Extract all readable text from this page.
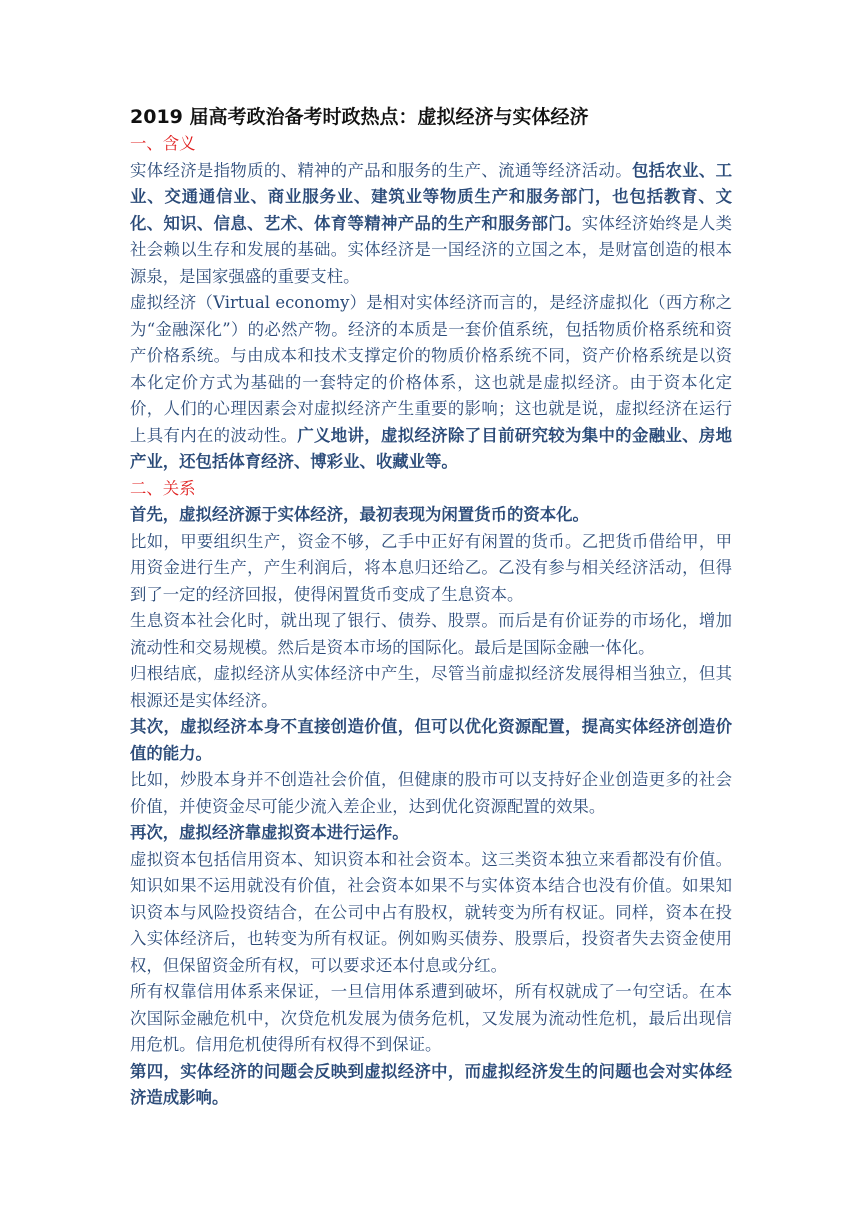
2019 届高考政治备考时政热点：虚拟经济与实体经济

一、含义

实体经济是指物质的、精神的产品和服务的生产、流通等经济活动。包括农业、工业、交通通信业、商业服务业、建筑业等物质生产和服务部门，也包括教育、文化、知识、信息、艺术、体育等精神产品的生产和服务部门。实体经济始终是人类社会赖以生存和发展的基础。实体经济是一国经济的立国之本，是财富创造的根本源泉，是国家强盛的重要支柱。

虚拟经济（Virtual economy）是相对实体经济而言的，是经济虚拟化（西方称之为“金融深化”）的必然产物。经济的本质是一套价值系统，包括物质价格系统和资产价格系统。与由成本和技术支撑定价的物质价格系统不同，资产价格系统是以资本化定价方式为基础的一套特定的价格体系，这也就是虚拟经济。由于资本化定价，人们的心理因素会对虚拟经济产生重要的影响；这也就是说，虚拟经济在运行上具有内在的波动性。广义地讲，虚拟经济除了目前研究较为集中的金融业、房地产业，还包括体育经济、博彩业、收藏业等。

二、关系

首先，虚拟经济源于实体经济，最初表现为闲置货币的资本化。

比如，甲要组织生产，资金不够，乙手中正好有闲置的货币。乙把货币借给甲，甲用资金进行生产，产生利润后，将本息归还给乙。乙没有参与相关经济活动，但得到了一定的经济回报，使得闲置货币变成了生息资本。

生息资本社会化时，就出现了银行、债券、股票。而后是有价证券的市场化，增加流动性和交易规模。然后是资本市场的国际化。最后是国际金融一体化。

归根结底，虚拟经济从实体经济中产生，尽管当前虚拟经济发展得相当独立，但其根源还是实体经济。

其次，虚拟经济本身不直接创造价值，但可以优化资源配置，提高实体经济创造价值的能力。

比如，炒股本身并不创造社会价值，但健康的股市可以支持好企业创造更多的社会价值，并使资金尽可能少流入差企业，达到优化资源配置的效果。

再次，虚拟经济靠虚拟资本进行运作。

虚拟资本包括信用资本、知识资本和社会资本。这三类资本独立来看都没有价值。知识如果不运用就没有价值，社会资本如果不与实体资本结合也没有价值。如果知识资本与风险投资结合，在公司中占有股权，就转变为所有权证。同样，资本在投入实体经济后，也转变为所有权证。例如购买债券、股票后，投资者失去资金使用权，但保留资金所有权，可以要求还本付息或分红。

所有权靠信用体系来保证，一旦信用体系遭到破坏，所有权就成了一句空话。在本次国际金融危机中，次贷危机发展为债务危机，又发展为流动性危机，最后出现信用危机。信用危机使得所有权得不到保证。

第四，实体经济的问题会反映到虚拟经济中，而虚拟经济发生的问题也会对实体经济造成影响。
